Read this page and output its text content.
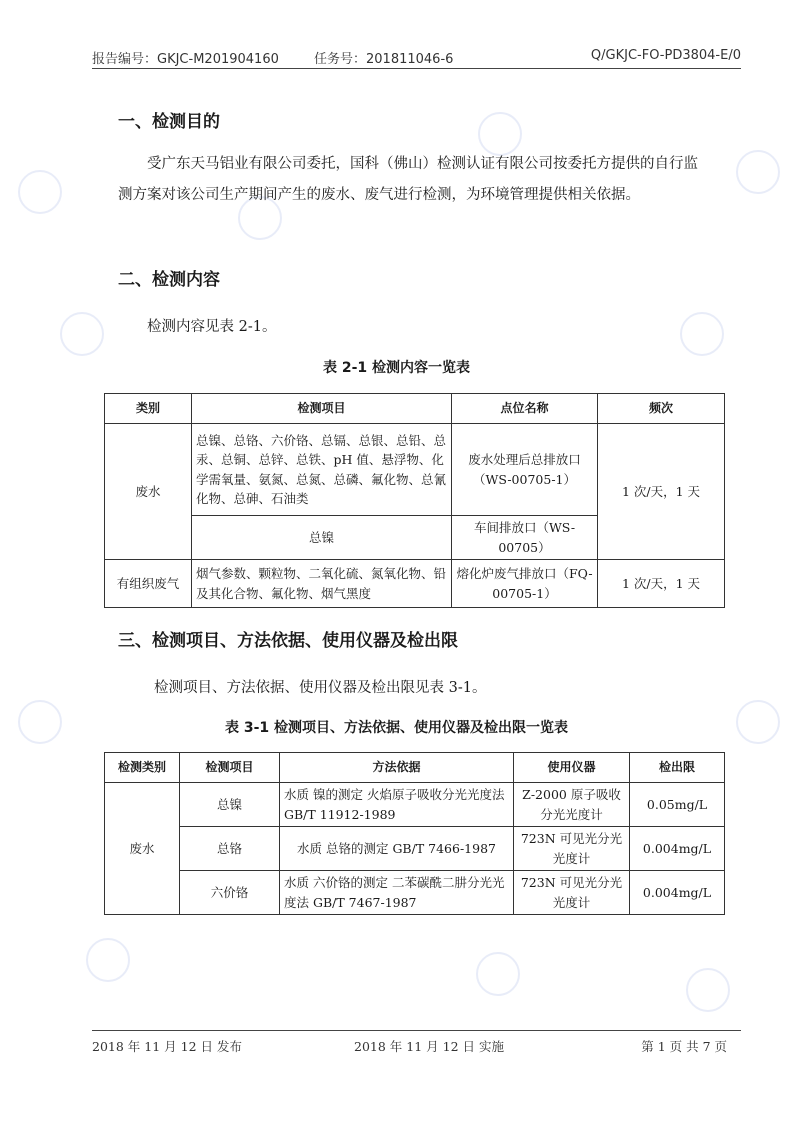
报告编号：GKJC-M201904160	任务号：201811046-6	Q/GKJC-FO-PD3804-E/0
一、检测目的

受广东天马铝业有限公司委托，国科（佛山）检测认证有限公司按委托方提供的自行监测方案对该公司生产期间产生的废水、废气进行检测，为环境管理提供相关依据。

二、检测内容

检测内容见表 2-1。

表 2-1 检测内容一览表

类别	检测项目	点位名称	频次
废水	总镍、总铬、六价铬、总镉、总银、总铅、总汞、总铜、总锌、总铁、pH 值、悬浮物、化学需氧量、氨氮、总氮、总磷、氟化物、总氰化物、总砷、石油类	废水处理后总排放口（WS-00705-1）	1 次/天，1 天
	总镍	车间排放口（WS-00705）	
有组织废气	烟气参数、颗粒物、二氧化硫、氮氧化物、铅及其化合物、氟化物、烟气黑度	熔化炉废气排放口（FQ-00705-1）	1 次/天，1 天
三、检测项目、方法依据、使用仪器及检出限

检测项目、方法依据、使用仪器及检出限见表 3-1。

表 3-1 检测项目、方法依据、使用仪器及检出限一览表

检测类别	检测项目	方法依据	使用仪器	检出限
废水	总镍	水质 镍的测定 火焰原子吸收分光光度法 GB/T 11912-1989	Z-2000 原子吸收分光光度计	0.05mg/L
	总铬	水质 总铬的测定 GB/T 7466-1987	723N 可见光分光光度计	0.004mg/L
	六价铬	水质 六价铬的测定 二苯碳酰二肼分光光度法 GB/T 7467-1987	723N 可见光分光光度计	0.004mg/L
2018 年 11 月 12 日 发布	2018 年 11 月 12 日 实施	第 1 页 共 7 页
